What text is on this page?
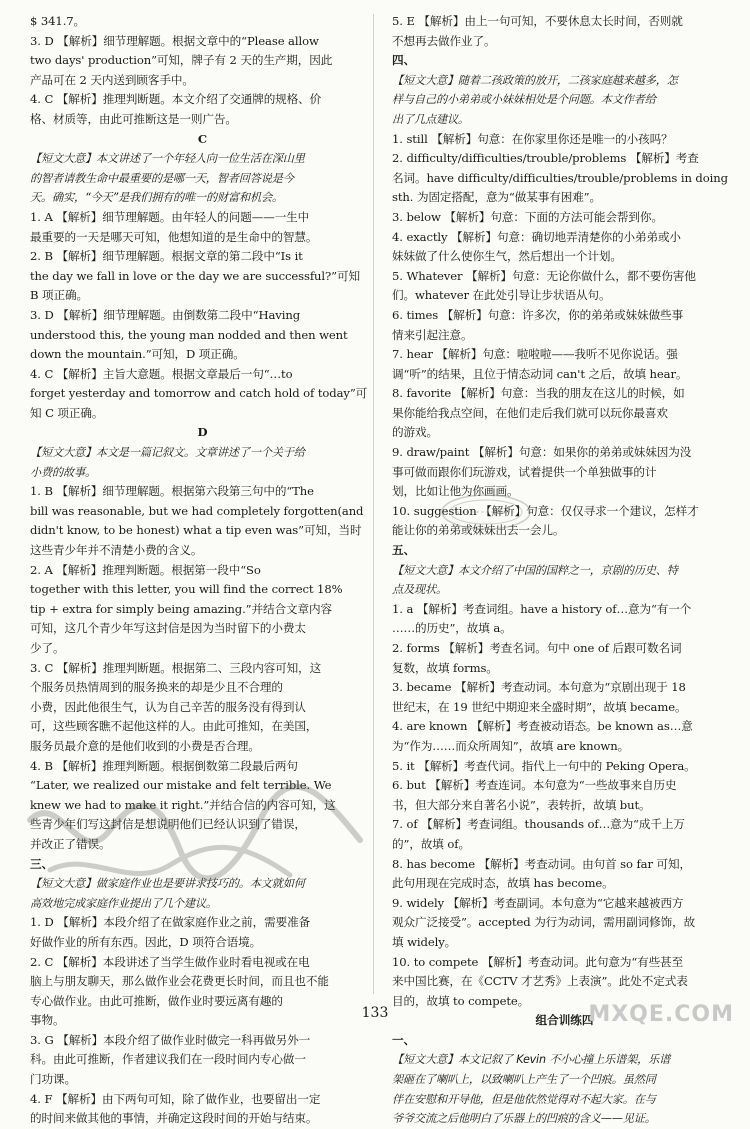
$ 341.7。

3. D 【解析】细节理解题。根据文章中的“Please allow

two days' production”可知，牌子有 2 天的生产期，因此

产品可在 2 天内送到顾客手中。

4. C 【解析】推理判断题。本文介绍了交通牌的规格、价

格、材质等，由此可推断这是一则广告。

C

【短文大意】本文讲述了一个年轻人向一位生活在深山里

的智者请教生命中最重要的是哪一天，智者回答说是今

天。确实，“今天”是我们拥有的唯一的财富和机会。

1. A 【解析】细节理解题。由年轻人的问题——一生中

最重要的一天是哪天可知，他想知道的是生命中的智慧。

2. B 【解析】细节理解题。根据文章的第二段中“Is it

the day we fall in love or the day we are successful?”可知

B 项正确。

3. D 【解析】细节理解题。由倒数第二段中“Having

understood this, the young man nodded and then went

down the mountain.”可知，D 项正确。

4. C 【解析】主旨大意题。根据文章最后一句“…to

forget yesterday and tomorrow and catch hold of today”可

知 C 项正确。

D

【短文大意】本文是一篇记叙文。文章讲述了一个关于给

小费的故事。

1. B 【解析】细节理解题。根据第六段第三句中的“The

bill was reasonable, but we had completely forgotten(and

didn't know, to be honest) what a tip even was”可知，当时

这些青少年并不清楚小费的含义。

2. A 【解析】推理判断题。根据第一段中“So

together with this letter, you will find the correct 18%

tip + extra for simply being amazing.”并结合文章内容

可知，这几个青少年写这封信是因为当时留下的小费太

少了。

3. C 【解析】推理判断题。根据第二、三段内容可知，这

个服务员热情周到的服务换来的却是少且不合理的

小费，因此他很生气，认为自己辛苦的服务没有得到认

可，这些顾客瞧不起他这样的人。由此可推知，在美国，

服务员最介意的是他们收到的小费是否合理。

4. B 【解析】推理判断题。根据倒数第二段最后两句

“Later, we realized our mistake and felt terrible. We

knew we had to make it right.”并结合信的内容可知，这

些青少年们写这封信是想说明他们已经认识到了错误，

并改正了错误。

三、

【短文大意】做家庭作业也是要讲求技巧的。本文就如何

高效地完成家庭作业提出了几个建议。

1. D 【解析】本段介绍了在做家庭作业之前，需要准备

好做作业的所有东西。因此，D 项符合语境。

2. C 【解析】本段讲述了当学生做作业时看电视或在电

脑上与朋友聊天，那么做作业会花费更长时间，而且也不能

专心做作业。由此可推断，做作业时要远离有趣的

事物。

3. G 【解析】本段介绍了做作业时做完一科再做另外一

科。由此可推断，作者建议我们在一段时间内专心做一

门功课。

4. F 【解析】由下两句可知，除了做作业，也要留出一定

的时间来做其他的事情，并确定这段时间的开始与结束。

5. E 【解析】由上一句可知，不要休息太长时间，否则就

不想再去做作业了。

四、

【短文大意】随着二孩政策的放开，二孩家庭越来越多，怎

样与自己的小弟弟或小妹妹相处是个问题。本文作者给

出了几点建议。

1. still 【解析】句意：在你家里你还是唯一的小孩吗？

2. difficulty/difficulties/trouble/problems 【解析】考查

名词。have difficulty/difficulties/trouble/problems in doing

sth. 为固定搭配，意为“做某事有困难”。

3. below 【解析】句意：下面的方法可能会帮到你。

4. exactly 【解析】句意：确切地弄清楚你的小弟弟或小

妹妹做了什么使你生气，然后想出一个计划。

5. Whatever 【解析】句意：无论你做什么，都不要伤害他

们。whatever 在此处引导让步状语从句。

6. times 【解析】句意：许多次，你的弟弟或妹妹做些事

情来引起注意。

7. hear 【解析】句意：啦啦啦——我听不见你说话。强

调“听”的结果，且位于情态动词 can't 之后，故填 hear。

8. favorite 【解析】句意：当我的朋友在这儿的时候，如

果你能给我点空间，在他们走后我们就可以玩你最喜欢

的游戏。

9. draw/paint 【解析】句意：如果你的弟弟或妹妹因为没

事可做而跟你们玩游戏，试着提供一个单独做事的计

划，比如让他为你画画。

10. suggestion 【解析】句意：仅仅寻求一个建议，怎样才

能让你的弟弟或妹妹出去一会儿。

五、

【短文大意】本文介绍了中国的国粹之一，京剧的历史、特

点及现状。

1. a 【解析】考查词组。have a history of…意为“有一个

……的历史”，故填 a。

2. forms 【解析】考查名词。句中 one of 后跟可数名词

复数，故填 forms。

3. became 【解析】考查动词。本句意为“京剧出现于 18

世纪末，在 19 世纪中期迎来全盛时期”，故填 became。

4. are known 【解析】考查被动语态。be known as…意

为“作为……而众所周知”，故填 are known。

5. it 【解析】考查代词。指代上一句中的 Peking Opera。

6. but 【解析】考查连词。本句意为“一些故事来自历史

书，但大部分来自著名小说”，表转折，故填 but。

7. of 【解析】考查词组。thousands of…意为“成千上万

的”，故填 of。

8. has become 【解析】考查动词。由句首 so far 可知，

此句用现在完成时态，故填 has become。

9. widely 【解析】考查副词。本句意为“它越来越被西方

观众广泛接受”。accepted 为行为动词，需用副词修饰，故

填 widely。

10. to compete 【解析】考查动词。此句意为“有些甚至

来中国比赛，在《CCTV 才艺秀》上表演”。此处不定式表

目的，故填 to compete。

组合训练四

一、

【短文大意】本文记叙了 Kevin 不小心撞上乐谱架，乐谱

架砸在了喇叭上，以致喇叭上产生了一个凹痕。虽然同

伴在安慰和开导他，但是他依然觉得对不起大家。在与

爷爷交流之后他明白了乐器上的凹痕的含义——见证。

133	MXQE.COM
